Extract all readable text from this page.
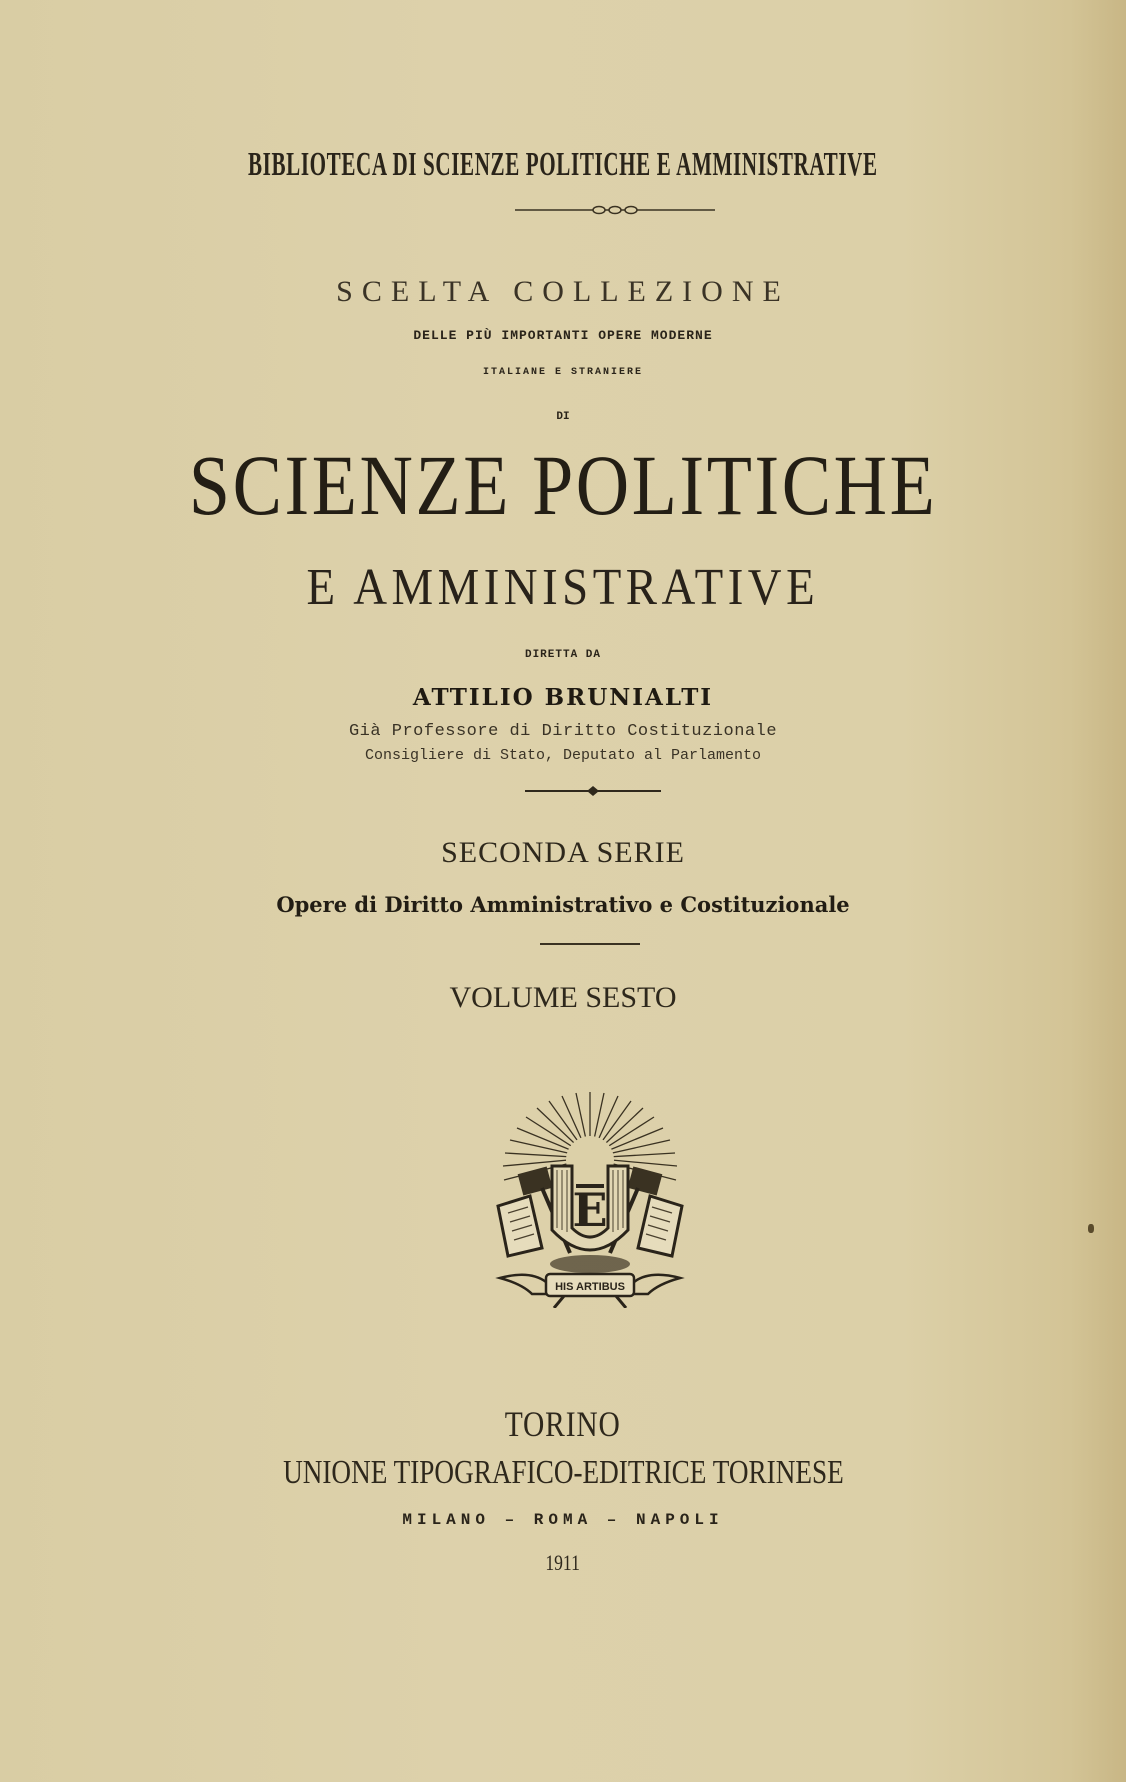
BIBLIOTECA DI SCIENZE POLITICHE E AMMINISTRATIVE
SCELTA COLLEZIONE
DELLE PIÙ IMPORTANTI OPERE MODERNE
ITALIANE E STRANIERE
DI
SCIENZE POLITICHE
E AMMINISTRATIVE
DIRETTA DA
ATTILIO BRUNIALTI
Già Professore di Diritto Costituzionale
Consigliere di Stato, Deputato al Parlamento
SECONDA SERIE
Opere di Diritto Amministrativo e Costituzionale
VOLUME SESTO
E
HIS ARTIBUS
TORINO
UNIONE TIPOGRAFICO-EDITRICE TORINESE
MILANO – ROMA – NAPOLI
1911
